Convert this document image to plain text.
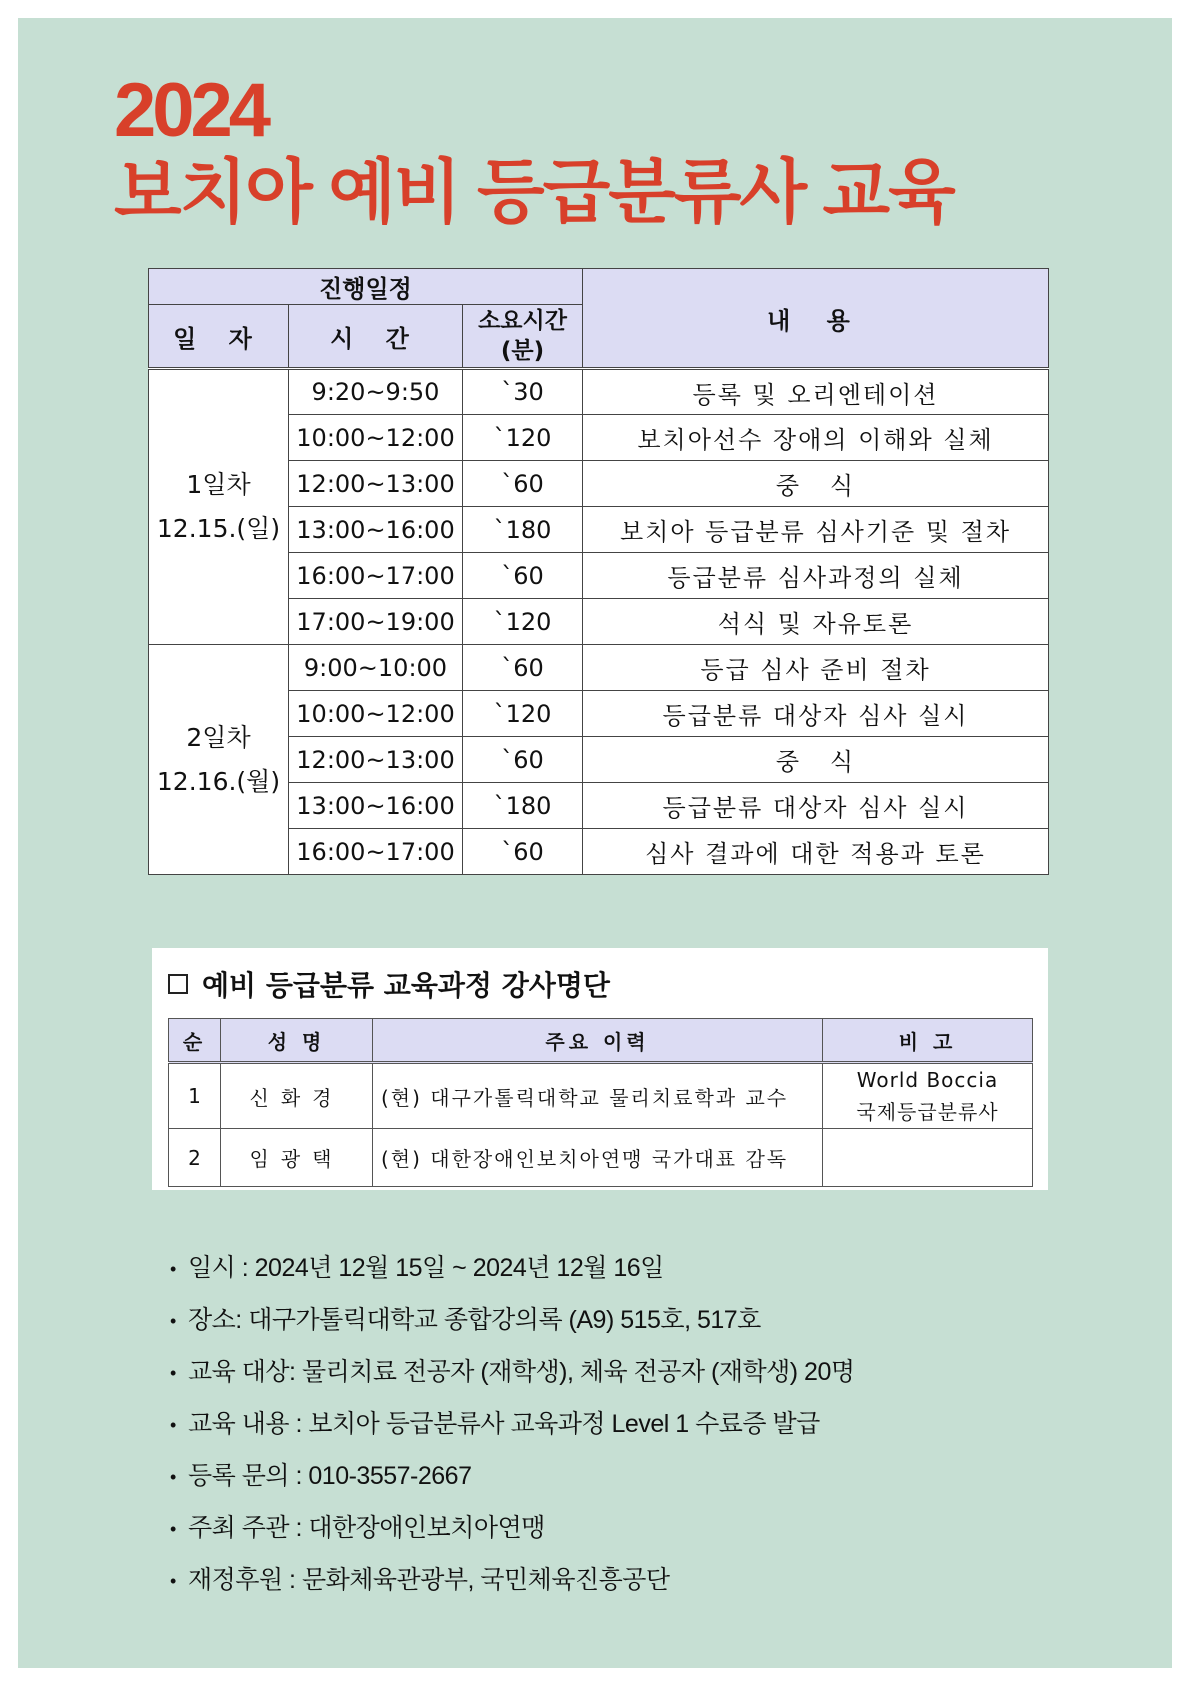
2024
보치아 예비 등급분류사 교육
진행일정			내 용
일 자	시 간	소요시간
(분)	
1일차
12.15.(일)	9:20~9:50	`30	등록 및 오리엔테이션
	10:00~12:00	`120	보치아선수 장애의 이해와 실체
	12:00~13:00	`60	중   식
	13:00~16:00	`180	보치아 등급분류 심사기준 및 절차
	16:00~17:00	`60	등급분류 심사과정의 실체
	17:00~19:00	`120	석식 및 자유토론
2일차
12.16.(월)	9:00~10:00	`60	등급 심사 준비 절차
	10:00~12:00	`120	등급분류 대상자 심사 실시
	12:00~13:00	`60	중   식
	13:00~16:00	`180	등급분류 대상자 심사 실시
	16:00~17:00	`60	심사 결과에 대한 적용과 토론
예비 등급분류 교육과정 강사명단
순	성 명	주요 이력	비 고
1	신화경	(현) 대구가톨릭대학교 물리치료학과 교수	World Boccia
국제등급분류사

2	임광택	(현) 대한장애인보치아연맹 국가대표 감독	
• 일시 : 2024년 12월 15일 ~ 2024년 12월 16일
• 장소: 대구가톨릭대학교 종합강의록 (A9) 515호, 517호
• 교육 대상: 물리치료 전공자 (재학생), 체육 전공자 (재학생) 20명
• 교육 내용 : 보치아 등급분류사 교육과정 Level 1 수료증 발급
• 등록 문의 : 010-3557-2667
• 주최 주관 : 대한장애인보치아연맹
• 재정후원 : 문화체육관광부, 국민체육진흥공단
